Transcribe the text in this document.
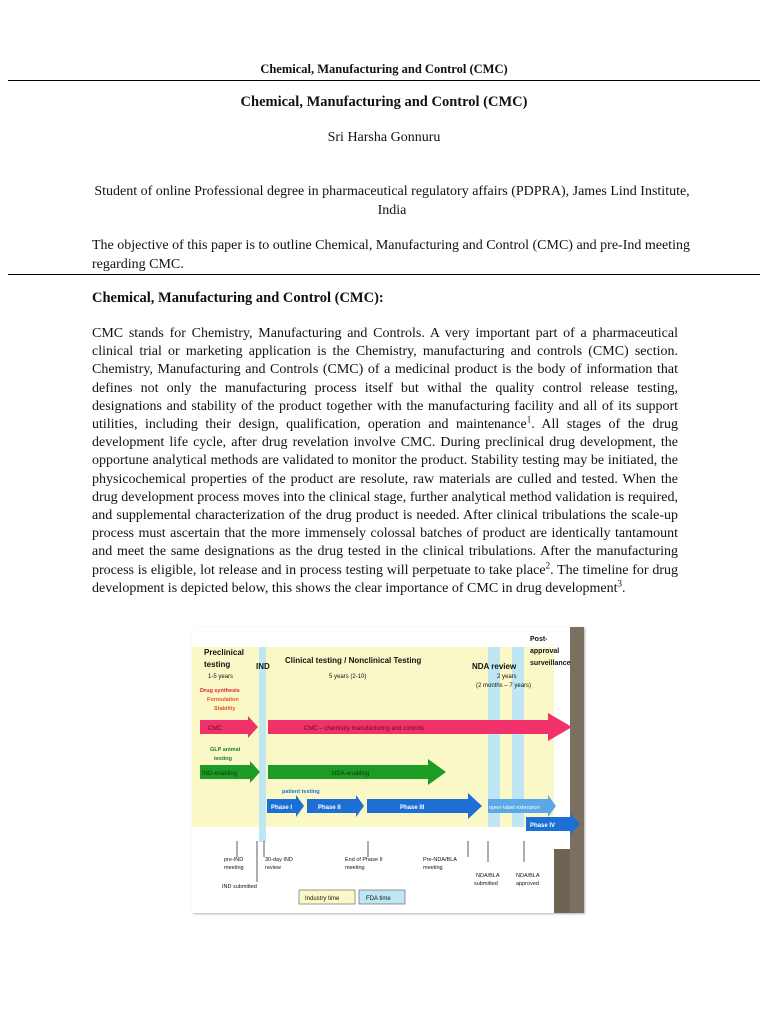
Chemical, Manufacturing and Control (CMC)
Chemical, Manufacturing and Control (CMC)
Sri Harsha Gonnuru
Student of online Professional degree in pharmaceutical regulatory affairs (PDPRA), James Lind Institute, India
The objective of this paper is to outline Chemical, Manufacturing and Control (CMC) and pre-Ind meeting regarding CMC.
Chemical, Manufacturing and Control (CMC):
CMC stands for Chemistry, Manufacturing and Controls. A very important part of a pharmaceutical clinical trial or marketing application is the Chemistry, manufacturing and controls (CMC) section. Chemistry, Manufacturing and Controls (CMC) of a medicinal product is the body of information that defines not only the manufacturing process itself but withal the quality control release testing, designations and stability of the product together with the manufacturing facility and all of its support utilities, including their design, qualification, operation and maintenance$^1$. All stages of the drug development life cycle, after drug revelation involve CMC. During preclinical drug development, the opportune analytical methods are validated to monitor the product. Stability testing may be initiated, the physicochemical properties of the product are resolute, raw materials are culled and tested. When the drug development process moves into the clinical stage, further analytical method validation is required, and supplemental characterization of the drug product is needed. After clinical tribulations the scale-up process must ascertain that the more immensely colossal batches of product are identically tantamount and meet the same designations as the drug tested in the clinical tribulations. After the manufacturing process is eligible, lot release and in process testing will perpetuate to take place$^2$. The timeline for drug development is depicted below, this shows the clear importance of CMC in drug development$^3$.
Preclinical
testing	IND
Clinical testing / Nonclinical Testing
NDA review
Post-
approval
surveillance
1-5 years	5 years (2-10)	2 years
(2 months – 7 years)
Drug synthesis
Formulation
Stability
CMC	CMC – chemistry manufacturing and controls
GLP animal
testing
IND-enabling	NDA-enabling
patient testing
Phase I	Phase II	Phase III	open-label extension
Phase IV
pre-IND
meeting
IND submitted
30-day IND
review
End of Phase II
meeting
Pre-NDA/BLA
meeting
NDA/BLA
submitted
NDA/BLA
approved
Industry time	FDA time
